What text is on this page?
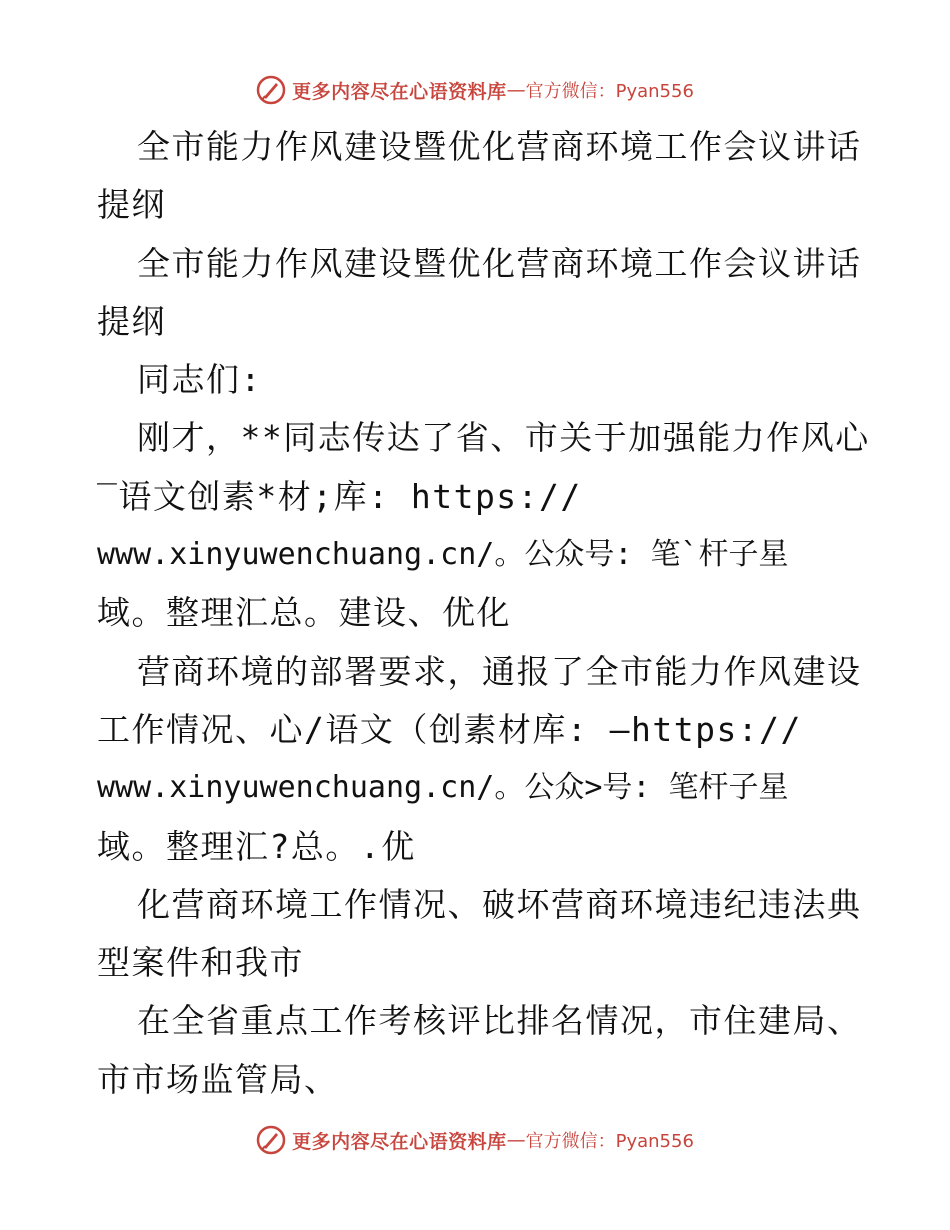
更多内容尽在心语资料库 — 官方微信：Pyan556
全市能力作风建设暨优化营商环境工作会议讲话
提纲
全市能力作风建设暨优化营商环境工作会议讲话
提纲
同志们:
刚才，**同志传达了省、市关于加强能力作风心
‾语文创素*材;库: https://
www.xinyuwenchuang.cn/。公众号: 笔`杆子星
域。整理汇总。建设、优化
营商环境的部署要求，通报了全市能力作风建设
工作情况、心/语文（创素材库: —https://
www.xinyuwenchuang.cn/。公众>号: 笔杆子星
域。整理汇?总。.优
化营商环境工作情况、破坏营商环境违纪违法典
型案件和我市
在全省重点工作考核评比排名情况，市住建局、
市市场监管局、
更多内容尽在心语资料库 — 官方微信：Pyan556
